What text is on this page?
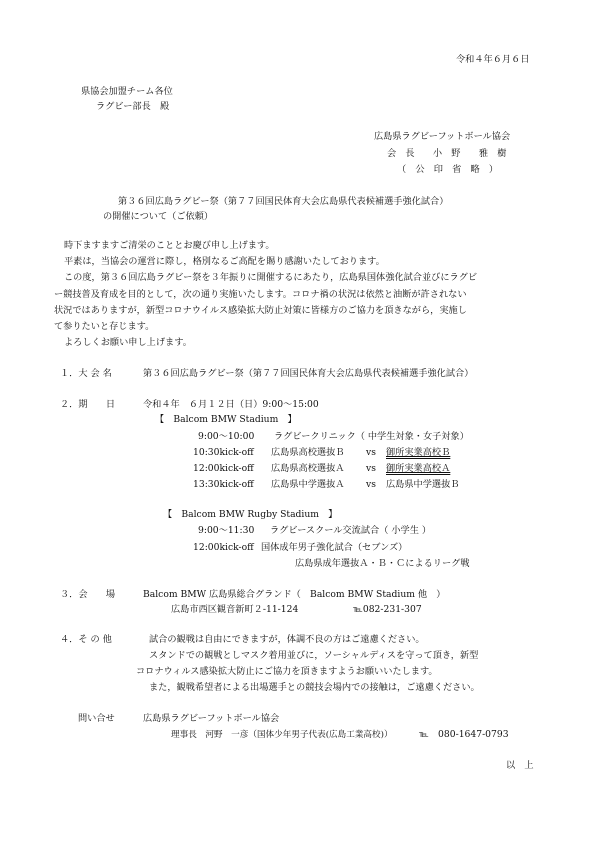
令和４年６月６日
県協会加盟チーム各位
ラグビー部長　殿
広島県ラグビーフットボール協会
会　長　　小　野　　雅　樹
（　公　印　省　略　）
第３６回広島ラグビー祭（第７７回国民体育大会広島県代表候補選手強化試合）
の開催について（ご依頼）
時下ますますご清栄のこととお慶び申し上げます。
平素は，当協会の運営に際し，格別なるご高配を賜り感謝いたしております。
この度，第３６回広島ラグビー祭を３年振りに開催するにあたり，広島県国体強化試合並びにラグビ
ー競技普及育成を目的として，次の通り実施いたします。コロナ禍の状況は依然と油断が許されない
状況ではありますが，新型コロナウイルス感染拡大防止対策に皆様方のご協力を頂きながら，実施し
て参りたいと存じます。
よろしくお願い申し上げます。
１．大 会 名	第３６回広島ラグビー祭（第７７回国民体育大会広島県代表候補選手強化試合）
２．期　　日	令和４年　６月１２日（日）9:00～15:00
【　Balcom BMW Stadium　】
9:00～10:00 ラグビークリニック（ 中学生対象・女子対象）
10:30kick-off 広島県高校選抜Ｂ vs 御所実業高校Ｂ
12:00kick-off 広島県高校選抜Ａ vs 御所実業高校Ａ
13:30kick-off 広島県中学選抜Ａ vs 広島県中学選抜Ｂ
【　Balcom BMW Rugby Stadium　】
9:00～11:30 ラグビースクール交流試合（ 小学生 ）
12:00kick-off 国体成年男子強化試合（セブンズ）
広島県成年選抜Ａ・Ｂ・Ｃによるリーグ戦
３．会　　場	Balcom BMW 広島県総合グランド（　Balcom BMW Stadium 他　）
広島市西区観音新町２-11-124	℡082-231-307
４．そ の 他	試合の観戦は自由にできますが，体調不良の方はご遠慮ください。
スタンドでの観戦としマスク着用並びに，ソーシャルディスを守って頂き，新型
コロナウィルス感染拡大防止にご協力を頂きますようお願いいたします。
また，観戦希望者による出場選手との競技会場内での接触は，ご遠慮ください。
問い合せ	広島県ラグビーフットボール協会
理事長　河野　一彦（国体少年男子代表(広島工業高校)）	℡　080-1647-0793
以　上
